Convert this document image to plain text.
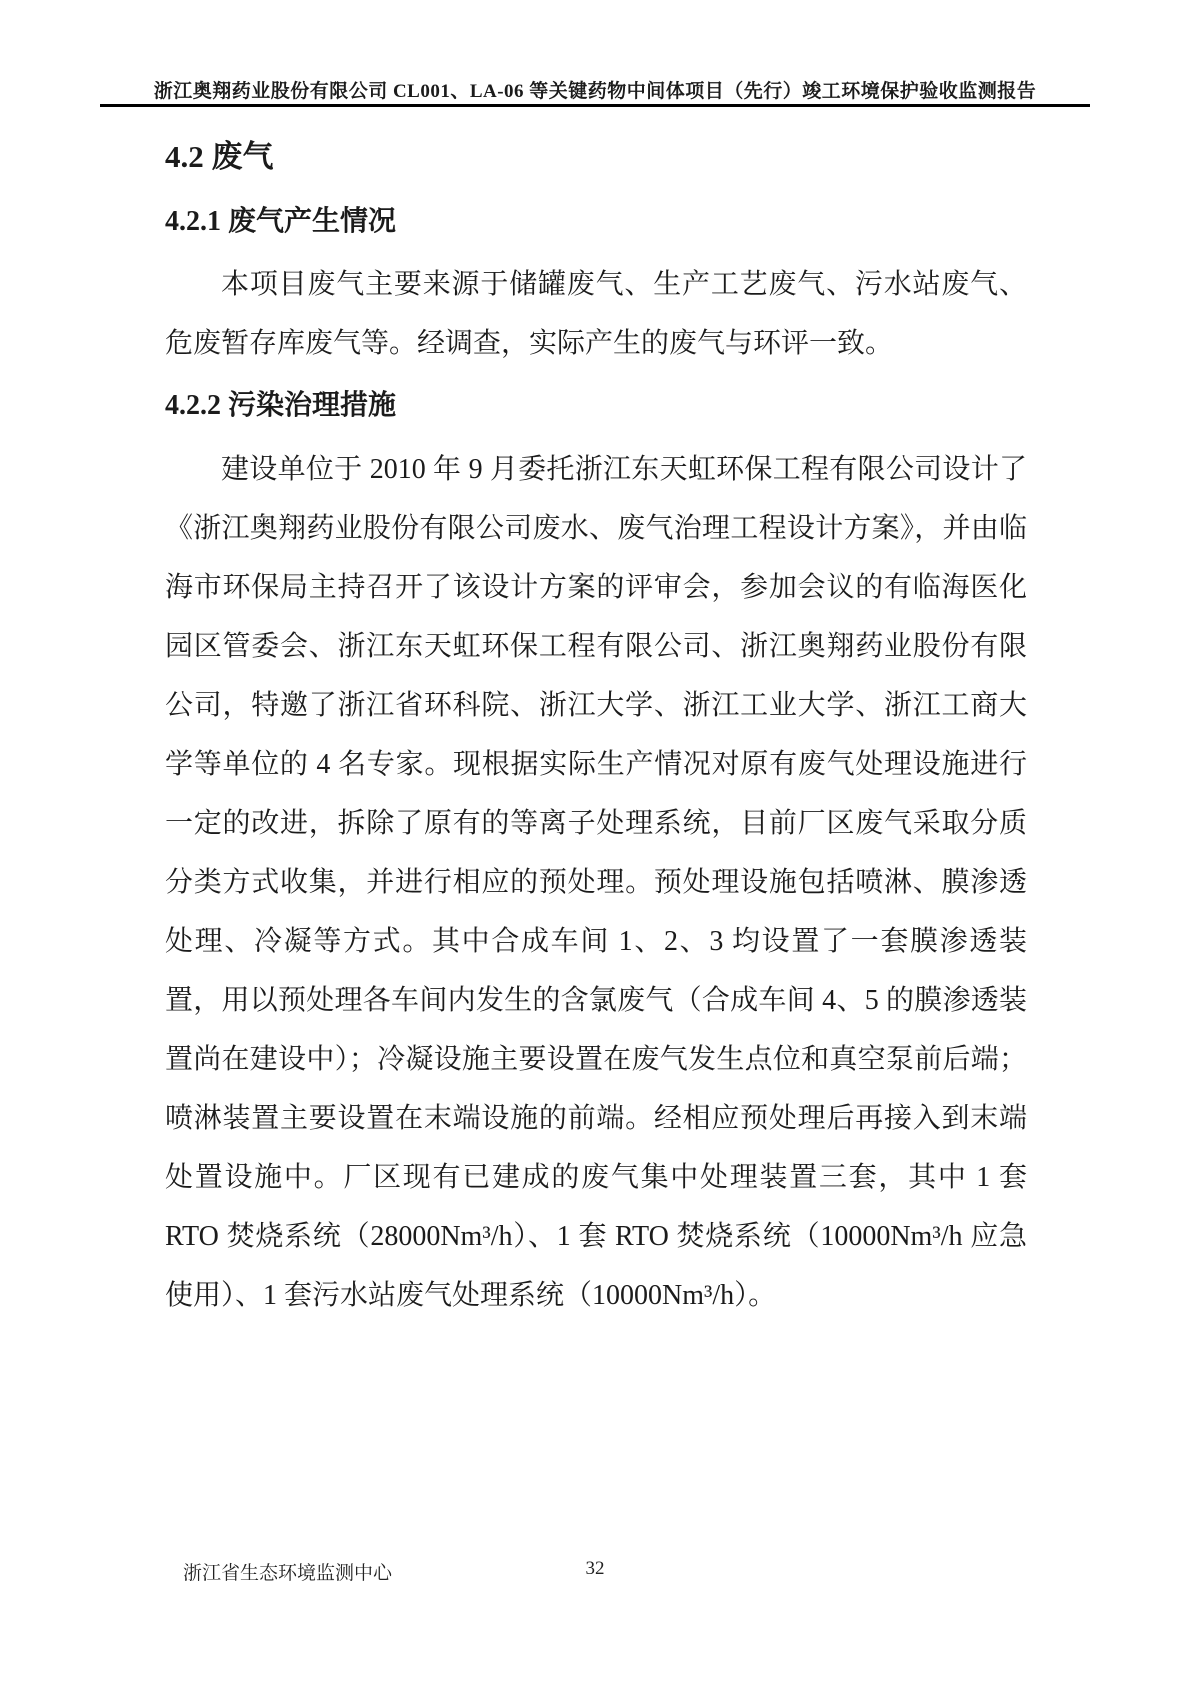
浙江奥翔药业股份有限公司 CL001、LA-06 等关键药物中间体项目（先行）竣工环境保护验收监测报告
4.2 废气
4.2.1 废气产生情况

本项目废气主要来源于储罐废气、生产工艺废气、污水站废气、危废暂存库废气等。经调查，实际产生的废气与环评一致。

4.2.2 污染治理措施

建设单位于 2010 年 9 月委托浙江东天虹环保工程有限公司设计了《浙江奥翔药业股份有限公司废水、废气治理工程设计方案》，并由临海市环保局主持召开了该设计方案的评审会，参加会议的有临海医化园区管委会、浙江东天虹环保工程有限公司、浙江奥翔药业股份有限公司，特邀了浙江省环科院、浙江大学、浙江工业大学、浙江工商大学等单位的 4 名专家。现根据实际生产情况对原有废气处理设施进行一定的改进，拆除了原有的等离子处理系统，目前厂区废气采取分质分类方式收集，并进行相应的预处理。预处理设施包括喷淋、膜渗透处理、冷凝等方式。其中合成车间 1、2、3 均设置了一套膜渗透装置，用以预处理各车间内发生的含氯废气（合成车间 4、5 的膜渗透装置尚在建设中）；冷凝设施主要设置在废气发生点位和真空泵前后端；喷淋装置主要设置在末端设施的前端。经相应预处理后再接入到末端处置设施中。厂区现有已建成的废气集中处理装置三套，其中 1 套 RTO 焚烧系统（28000Nm³/h）、1 套 RTO 焚烧系统（10000Nm³/h 应急使用）、1 套污水站废气处理系统（10000Nm³/h）。

浙江省生态环境监测中心	32
